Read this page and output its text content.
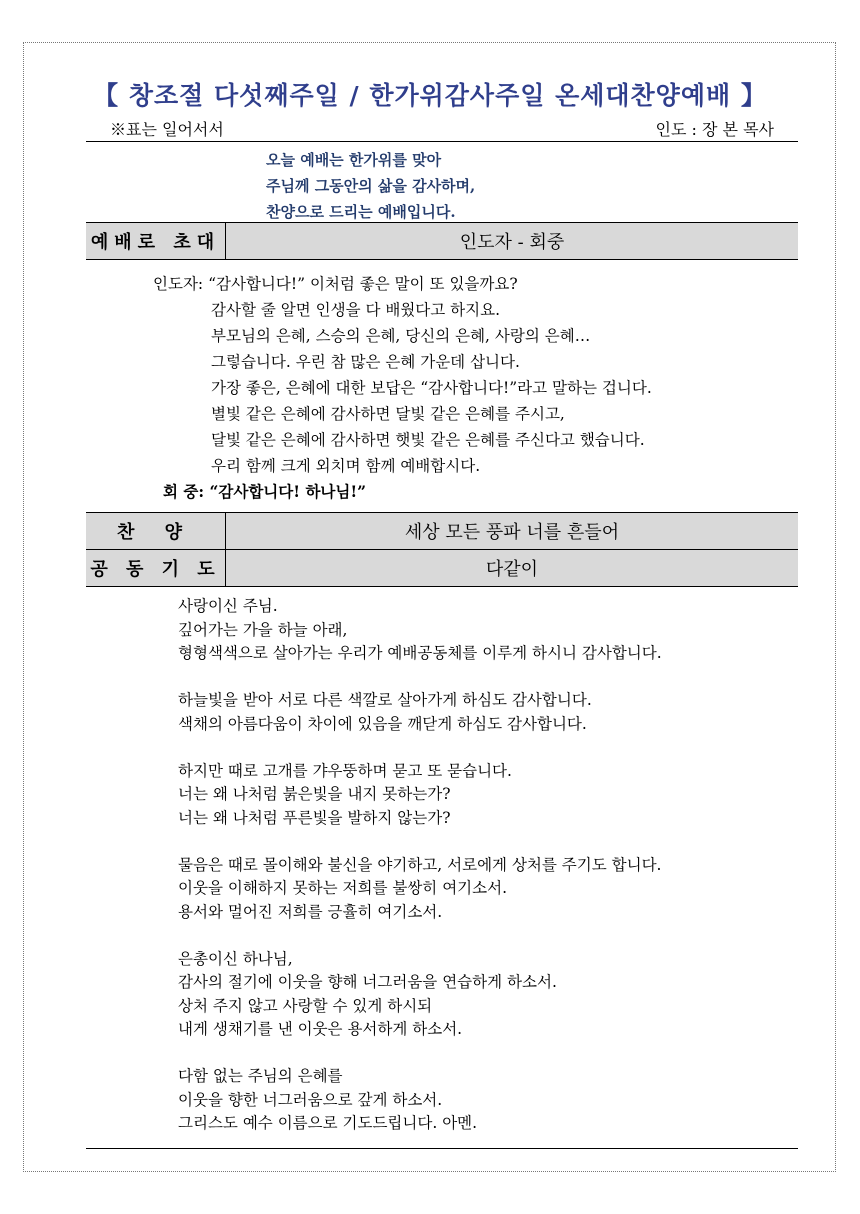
【 창조절 다섯째주일 / 한가위감사주일 온세대찬양예배 】
※표는 일어서서	인도 : 장 본 목사
오늘 예배는 한가위를 맞아
주님께 그동안의 삶을 감사하며,
찬양으로 드리는 예배입니다.
예배로 초대	인도자 - 회중
인도자: “감사합니다!” 이처럼 좋은 말이 또 있을까요?
감사할 줄 알면 인생을 다 배웠다고 하지요.
부모님의 은혜, 스승의 은혜, 당신의 은혜, 사랑의 은혜…
그렇습니다. 우린 참 많은 은혜 가운데 삽니다.
가장 좋은, 은혜에 대한 보답은 “감사합니다!”라고 말하는 겁니다.
별빛 같은 은혜에 감사하면 달빛 같은 은혜를 주시고,
달빛 같은 은혜에 감사하면 햇빛 같은 은혜를 주신다고 했습니다.
우리 함께 크게 외치며 함께 예배합시다.
회 중: “감사합니다! 하나님!”
찬 양	세상 모든 풍파 너를 흔들어
공 동 기 도	다같이
사랑이신 주님.
깊어가는 가을 하늘 아래,
형형색색으로 살아가는 우리가 예배공동체를 이루게 하시니 감사합니다.
하늘빛을 받아 서로 다른 색깔로 살아가게 하심도 감사합니다.
색채의 아름다움이 차이에 있음을 깨닫게 하심도 감사합니다.
하지만 때로 고개를 갸우뚱하며 묻고 또 묻습니다.
너는 왜 나처럼 붉은빛을 내지 못하는가?
너는 왜 나처럼 푸른빛을 발하지 않는가?
물음은 때로 몰이해와 불신을 야기하고, 서로에게 상처를 주기도 합니다.
이웃을 이해하지 못하는 저희를 불쌍히 여기소서.
용서와 멀어진 저희를 긍휼히 여기소서.
은총이신 하나님,
감사의 절기에 이웃을 향해 너그러움을 연습하게 하소서.
상처 주지 않고 사랑할 수 있게 하시되
내게 생채기를 낸 이웃은 용서하게 하소서.
다함 없는 주님의 은혜를
이웃을 향한 너그러움으로 갚게 하소서.
그리스도 예수 이름으로 기도드립니다. 아멘.
